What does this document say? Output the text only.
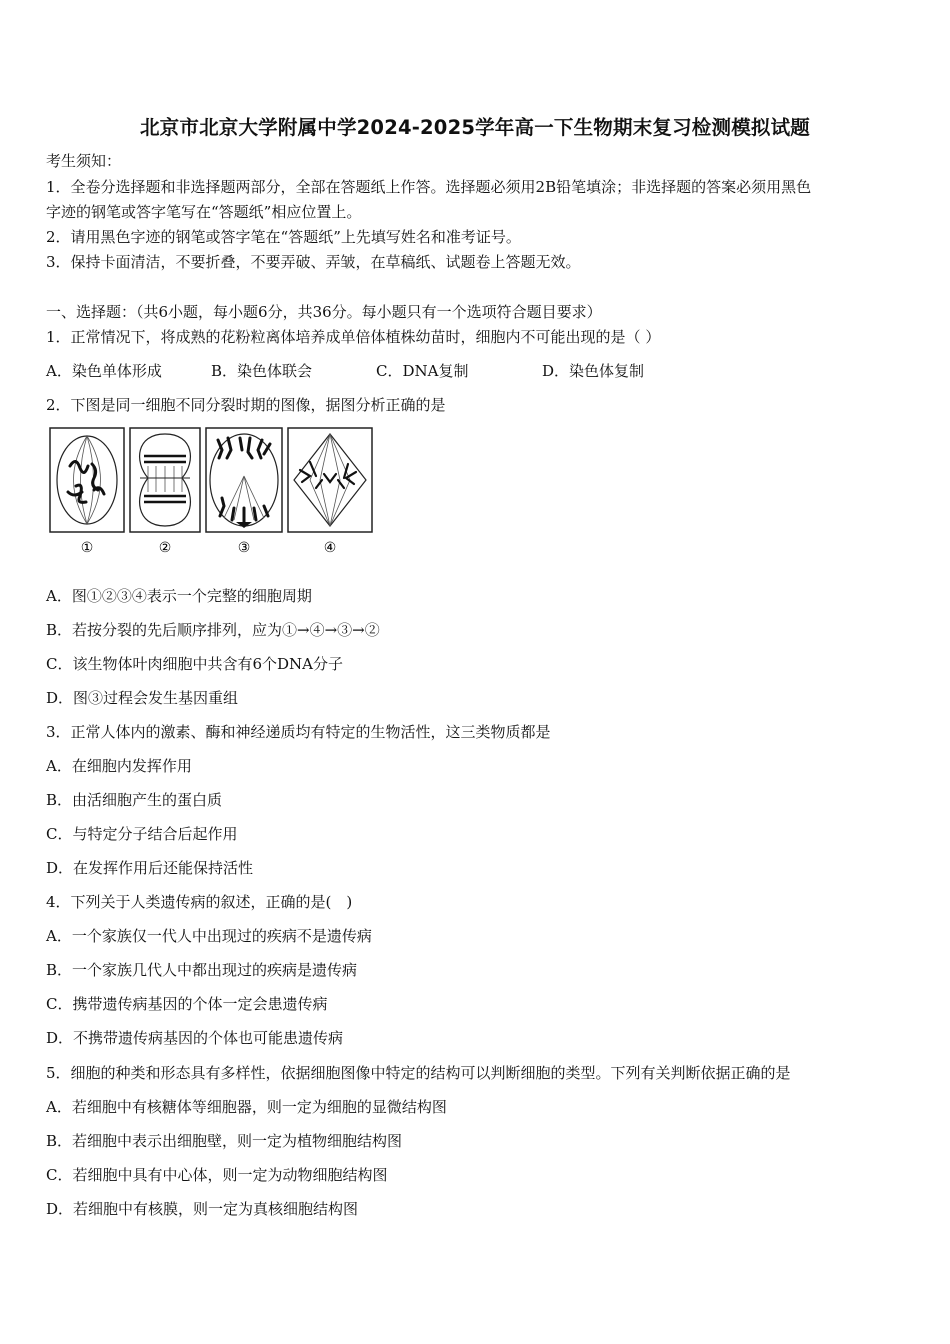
北京市北京大学附属中学2024-2025学年高一下生物期末复习检测模拟试题
考生须知：
1．全卷分选择题和非选择题两部分，全部在答题纸上作答。选择题必须用2B铅笔填涂；非选择题的答案必须用黑色
字迹的钢笔或答字笔写在“答题纸”相应位置上。
2．请用黑色字迹的钢笔或答字笔在“答题纸”上先填写姓名和准考证号。
3．保持卡面清洁，不要折叠，不要弄破、弄皱，在草稿纸、试题卷上答题无效。
一、选择题：（共6小题，每小题6分，共36分。每小题只有一个选项符合题目要求）
1．正常情况下，将成熟的花粉粒离体培养成单倍体植株幼苗时，细胞内不可能出现的是（ ）
A．染色单体形成	B．染色体联会	C．DNA复制	D．染色体复制
2．下图是同一细胞不同分裂时期的图像，据图分析正确的是
①	②	③	④
A．图①②③④表示一个完整的细胞周期
B．若按分裂的先后顺序排列，应为①→④→③→②
C．该生物体叶肉细胞中共含有6个DNA分子
D．图③过程会发生基因重组
3．正常人体内的激素、酶和神经递质均有特定的生物活性，这三类物质都是
A．在细胞内发挥作用
B．由活细胞产生的蛋白质
C．与特定分子结合后起作用
D．在发挥作用后还能保持活性
4．下列关于人类遗传病的叙述，正确的是(　)
A．一个家族仅一代人中出现过的疾病不是遗传病
B．一个家族几代人中都出现过的疾病是遗传病
C．携带遗传病基因的个体一定会患遗传病
D．不携带遗传病基因的个体也可能患遗传病
5．细胞的种类和形态具有多样性，依据细胞图像中特定的结构可以判断细胞的类型。下列有关判断依据正确的是
A．若细胞中有核糖体等细胞器，则一定为细胞的显微结构图
B．若细胞中表示出细胞壁，则一定为植物细胞结构图
C．若细胞中具有中心体，则一定为动物细胞结构图
D．若细胞中有核膜，则一定为真核细胞结构图
